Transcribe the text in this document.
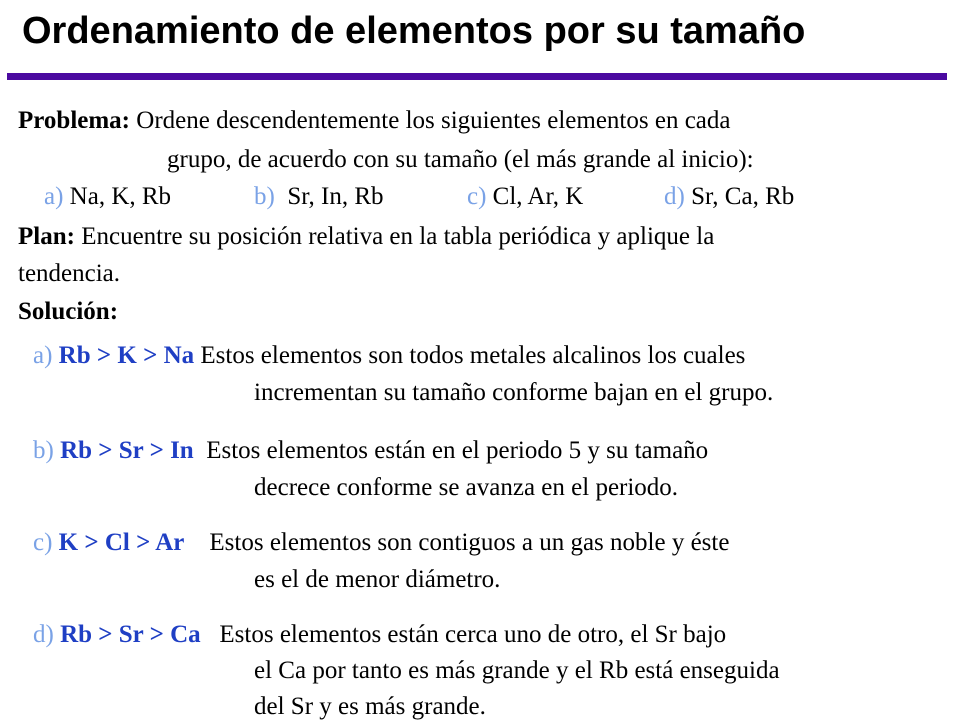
Ordenamiento de elementos por su tamaño
Problema: Ordene descendentemente los siguientes elementos en cada
grupo, de acuerdo con su tamaño (el más grande al inicio):
a) Na, K, Rb	b) Sr, In, Rb	c) Cl, Ar, K	d) Sr, Ca, Rb
Plan: Encuentre su posición relativa en la tabla periódica y aplique la
tendencia.
Solución:
a) Rb > K > Na Estos elementos son todos metales alcalinos los cuales
incrementan su tamaño conforme bajan en el grupo.
b) Rb > Sr > In Estos elementos están en el periodo 5 y su tamaño
decrece conforme se avanza en el periodo.
c) K > Cl > Ar Estos elementos son contiguos a un gas noble y éste
es el de menor diámetro.
d) Rb > Sr > Ca Estos elementos están cerca uno de otro, el Sr bajo
el Ca por tanto es más grande y el Rb está enseguida
del Sr y es más grande.
